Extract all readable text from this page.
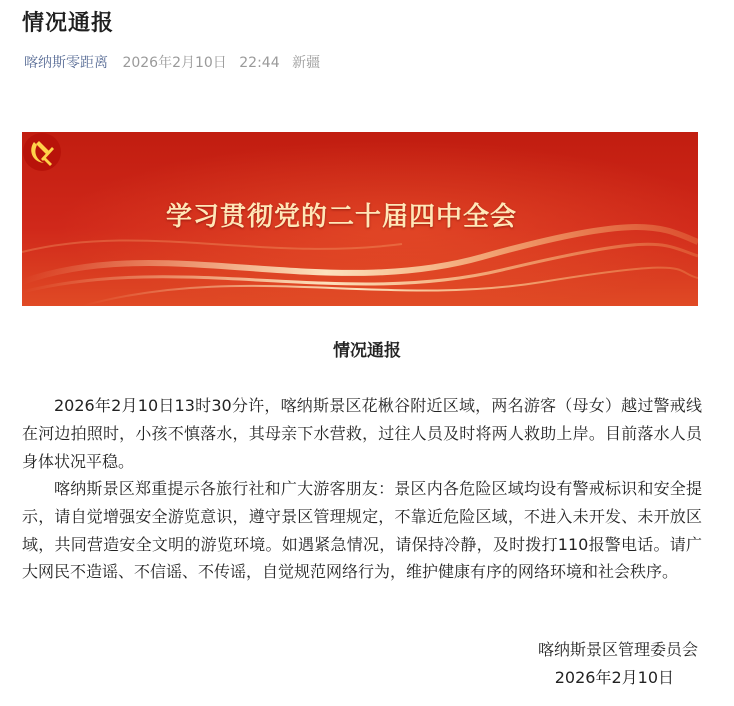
情况通报
喀纳斯零距离 2026年2月10日 22:44 新疆
学习贯彻党的二十届四中全会
情况通报

2026年2月10日13时30分许，喀纳斯景区花楸谷附近区域，两名游客（母女）越过警戒线在河边拍照时，小孩不慎落水，其母亲下水营救，过往人员及时将两人救助上岸。目前落水人员身体状况平稳。

喀纳斯景区郑重提示各旅行社和广大游客朋友：景区内各危险区域均设有警戒标识和安全提示，请自觉增强安全游览意识，遵守景区管理规定，不靠近危险区域，不进入未开发、未开放区域，共同营造安全文明的游览环境。如遇紧急情况，请保持冷静，及时拨打110报警电话。请广大网民不造谣、不信谣、不传谣，自觉规范网络行为，维护健康有序的网络环境和社会秩序。

喀纳斯景区管理委员会
2026年2月10日
